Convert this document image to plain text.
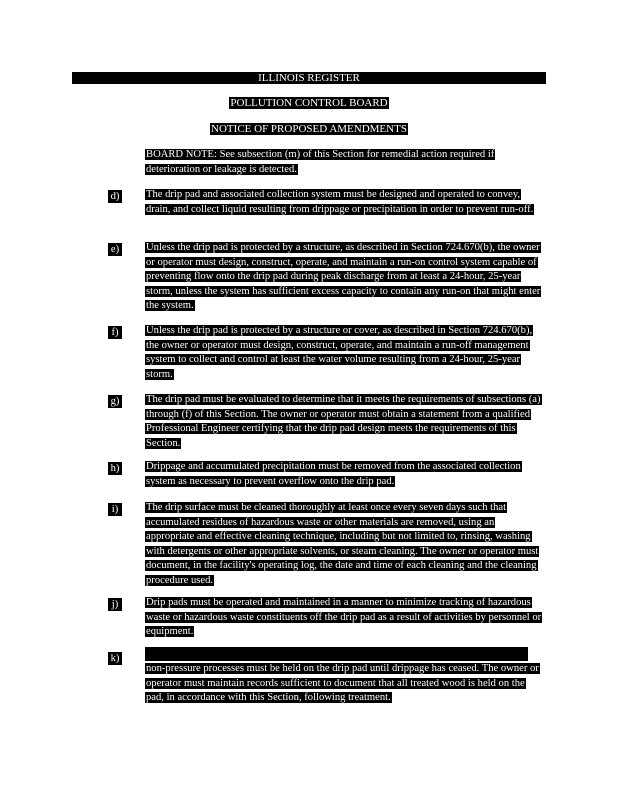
ILLINOIS REGISTER
POLLUTION CONTROL BOARD
NOTICE OF PROPOSED AMENDMENTS
BOARD NOTE: See subsection (m) of this Section for remedial action required if deterioration or leakage is detected.
d)	The drip pad and associated collection system must be designed and operated to convey, drain, and collect liquid resulting from drippage or precipitation in order to prevent run-off.
e)	Unless the drip pad is protected by a structure, as described in Section 724.670(b), the owner or operator must design, construct, operate, and maintain a run-on control system capable of preventing flow onto the drip pad during peak discharge from at least a 24-hour, 25-year storm, unless the system has sufficient excess capacity to contain any run-on that might enter the system.
f)	Unless the drip pad is protected by a structure or cover, as described in Section 724.670(b), the owner or operator must design, construct, operate, and maintain a run-off management system to collect and control at least the water volume resulting from a 24-hour, 25-year storm.
g)	The drip pad must be evaluated to determine that it meets the requirements of subsections (a) through (f) of this Section. The owner or operator must obtain a statement from a qualified Professional Engineer certifying that the drip pad design meets the requirements of this Section.
h)	Drippage and accumulated precipitation must be removed from the associated collection system as necessary to prevent overflow onto the drip pad.
i)	The drip surface must be cleaned thoroughly at least once every seven days such that accumulated residues of hazardous waste or other materials are removed, using an appropriate and effective cleaning technique, including but not limited to, rinsing, washing with detergents or other appropriate solvents, or steam cleaning. The owner or operator must document, in the facility's operating log, the date and time of each cleaning and the cleaning procedure used.
j)	Drip pads must be operated and maintained in a manner to minimize tracking of hazardous waste or hazardous waste constituents off the drip pad as a result of activities by personnel or equipment.
k)
non-pressure processes must be held on the drip pad until drippage has ceased. The owner or operator must maintain records sufficient to document that all treated wood is held on the pad, in accordance with this Section, following treatment.
